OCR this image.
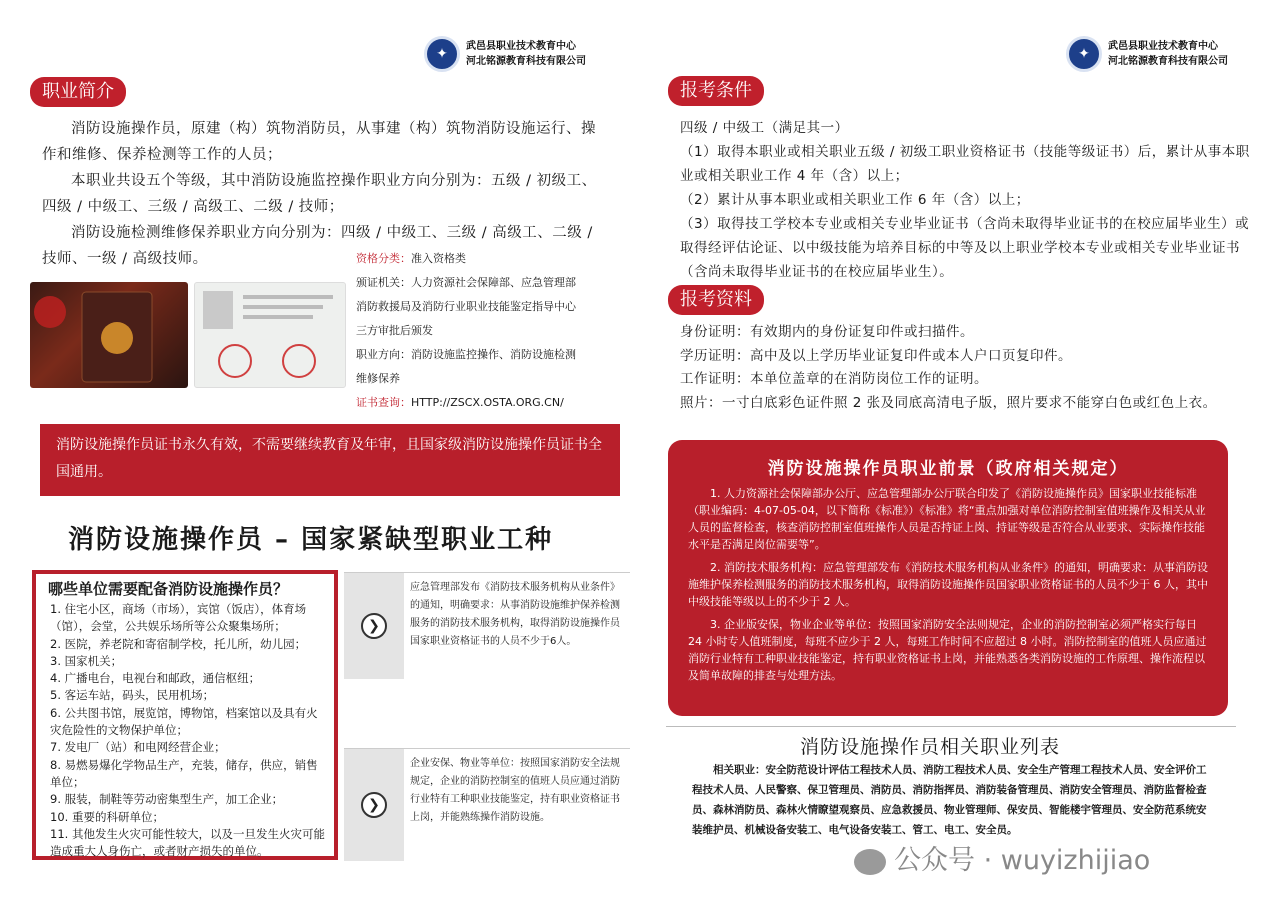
✦	武邑县职业技术教育中心
河北铭源教育科技有限公司
职业简介
消防设施操作员，原建（构）筑物消防员，从事建（构）筑物消防设施运行、操作和维修、保养检测等工作的人员；
本职业共设五个等级，其中消防设施监控操作职业方向分别为：五级 / 初级工、四级 / 中级工、三级 / 高级工、二级 / 技师；
消防设施检测维修保养职业方向分别为：四级 / 中级工、三级 / 高级工、二级 / 技师、一级 / 高级技师。	资格分类：准入资格类
颁证机关：人力资源社会保障部、应急管理部
消防救援局及消防行业职业技能鉴定指导中心
三方审批后颁发
职业方向：消防设施监控操作、消防设施检测
维修保养
证书查询：HTTP://ZSCX.OSTA.ORG.CN/
消防设施操作员证书永久有效，不需要继续教育及年审，且国家级消防设施操作员证书全国通用。
消防设施操作员 – 国家紧缺型职业工种
哪些单位需要配备消防设施操作员？
1. 住宅小区，商场（市场），宾馆（饭店），体育场（馆），会堂，公共娱乐场所等公众聚集场所；
2. 医院，养老院和寄宿制学校，托儿所，幼儿园；
3. 国家机关；
4. 广播电台，电视台和邮政，通信枢纽；
5. 客运车站，码头，民用机场；
6. 公共图书馆，展览馆，博物馆，档案馆以及具有火灾危险性的文物保护单位；
7. 发电厂（站）和电网经营企业；
8. 易燃易爆化学物品生产，充装，储存，供应，销售单位；
9. 服装，制鞋等劳动密集型生产，加工企业；
10. 重要的科研单位；
11. 其他发生火灾可能性较大，以及一旦发生火灾可能造成重大人身伤亡，或者财产损失的单位。
❯
应急管理部发布《消防技术服务机构从业条件》的通知，明确要求：从事消防设施维护保养检测服务的消防技术服务机构，取得消防设施操作员国家职业资格证书的人员不少于6人。
❯
企业安保、物业等单位：按照国家消防安全法规规定，企业的消防控制室的值班人员应通过消防行业特有工种职业技能鉴定，持有职业资格证书上岗，并能熟练操作消防设施。
✦	武邑县职业技术教育中心
河北铭源教育科技有限公司
报考条件
四级 / 中级工（满足其一）
（1）取得本职业或相关职业五级 / 初级工职业资格证书（技能等级证书）后，累计从事本职业或相关职业工作 4 年（含）以上；
（2）累计从事本职业或相关职业工作 6 年（含）以上；
（3）取得技工学校本专业或相关专业毕业证书（含尚未取得毕业证书的在校应届毕业生）或取得经评估论证、以中级技能为培养目标的中等及以上职业学校本专业或相关专业毕业证书（含尚未取得毕业证书的在校应届毕业生）。
报考资料
身份证明：有效期内的身份证复印件或扫描件。
学历证明：高中及以上学历毕业证复印件或本人户口页复印件。
工作证明：本单位盖章的在消防岗位工作的证明。
照片：一寸白底彩色证件照 2 张及同底高清电子版，照片要求不能穿白色或红色上衣。
消防设施操作员职业前景（政府相关规定）
1. 人力资源社会保障部办公厅、应急管理部办公厅联合印发了《消防设施操作员》国家职业技能标准（职业编码：4-07-05-04，以下简称《标准》）《标准》将“重点加强对单位消防控制室值班操作及相关从业人员的监督检查，核查消防控制室值班操作人员是否持证上岗、持证等级是否符合从业要求、实际操作技能水平是否满足岗位需要等”。
2. 消防技术服务机构：应急管理部发布《消防技术服务机构从业条件》的通知，明确要求：从事消防设施维护保养检测服务的消防技术服务机构，取得消防设施操作员国家职业资格证书的人员不少于 6 人，其中中级技能等级以上的不少于 2 人。
3. 企业版安保，物业企业等单位：按照国家消防安全法则规定，企业的消防控制室必须严格实行每日 24 小时专人值班制度，每班不应少于 2 人，每班工作时间不应超过 8 小时。消防控制室的值班人员应通过消防行业特有工种职业技能鉴定，持有职业资格证书上岗，并能熟悉各类消防设施的工作原理、操作流程以及简单故障的排查与处理方法。
消防设施操作员相关职业列表
相关职业：安全防范设计评估工程技术人员、消防工程技术人员、安全生产管理工程技术人员、安全评价工程技术人员、人民警察、保卫管理员、消防员、消防指挥员、消防装备管理员、消防安全管理员、消防监督检查员、森林消防员、森林火情瞭望观察员、应急救援员、物业管理师、保安员、智能楼宇管理员、安全防范系统安装维护员、机械设备安装工、电气设备安装工、管工、电工、安全员。
公众号 · wuyizhijiao
